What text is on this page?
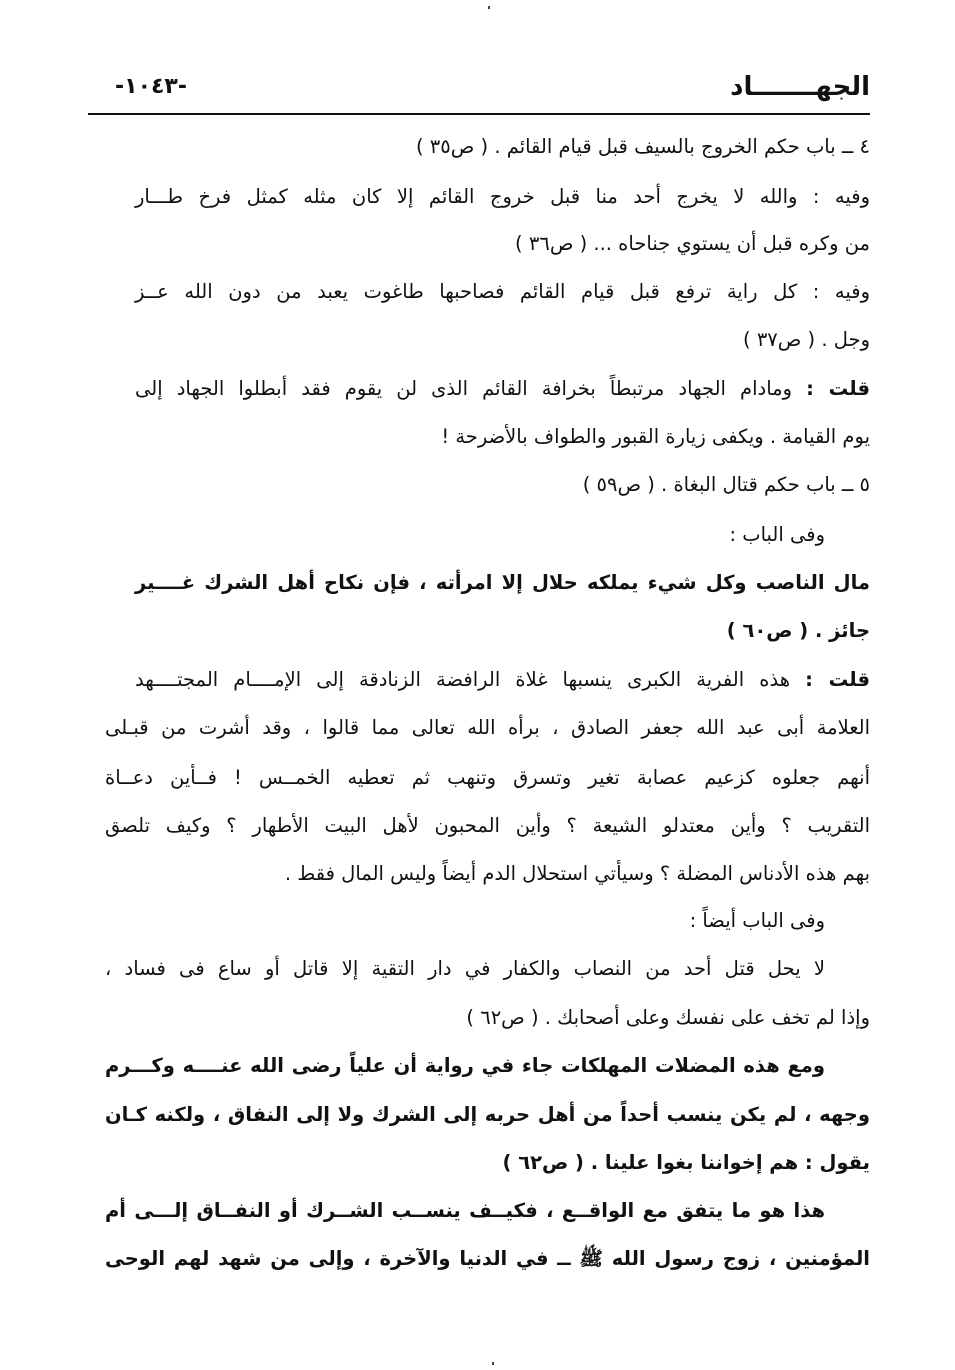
الجهـــــــاد
-١٠٤٣-
٤ ــ باب حكم الخروج بالسيف قبل قيام القائم . ( ص٣٥ )
وفيه : والله لا يخرج أحد منا قبل خروج القائم إلا كان مثله كمثل فرخ طـــار
من وكره قبل أن يستوي جناحاه ... ( ص٣٦ )
وفيه : كل راية ترفع قبل قيام القائم فصاحبها طاغوت يعبد من دون الله عــز
وجل . ( ص٣٧ )
قلت : ومادام الجهاد مرتبطاً بخرافة القائم الذى لن يقوم فقد أبطلوا الجهاد إلى
يوم القيامة . ويكفى زيارة القبور والطواف بالأضرحة !
٥ ــ باب حكم قتال البغاة . ( ص٥٩ )
وفى الباب :
مال الناصب وكل شيء يملكه حلال إلا امرأته ، فإن نكاح أهل الشرك غــــير
جائز . ( ص٦٠ )
قلت : هذه الفرية الكبرى ينسبها غلاة الرافضة الزنادقة إلى الإمــــام المجتــــهد
العلامة أبى عبد الله جعفر الصادق ، برأه الله تعالى مما قالوا ، وقد أشرت من قبـلى
أنهم جعلوه كزعيم عصابة تغير وتسرق وتنهب ثم تعطيه الخمــس ! فــأين دعــاة
التقريب ؟ وأين معتدلو الشيعة ؟ وأين المحبون لأهل البيت الأطهار ؟ وكيف تلصق
بهم هذه الأدناس المضلة ؟ وسيأتي استحلال الدم أيضاً وليس المال فقط .
وفى الباب أيضاً :
لا يحل قتل أحد من النصاب والكفار في دار التقية إلا قاتل أو ساع فى فساد ،
وإذا لم تخف على نفسك وعلى أصحابك . ( ص٦٢ )
ومع هذه المضلات المهلكات جاء في رواية أن علياً رضى الله عنــــه وكـــرم
وجهه ، لم يكن ينسب أحداً من أهل حربه إلى الشرك ولا إلى النفاق ، ولكنه كـان
يقول : هم إخواننا بغوا علينا . ( ص٦٢ )
هذا هو ما يتفق مع الواقــع ، فكيــف ينســب الشــرك أو النفــاق إلـــى أم
المؤمنين ، زوج رسول الله ﷺ ــ في الدنيا والآخرة ، وإلى من شهد لهم الوحى
